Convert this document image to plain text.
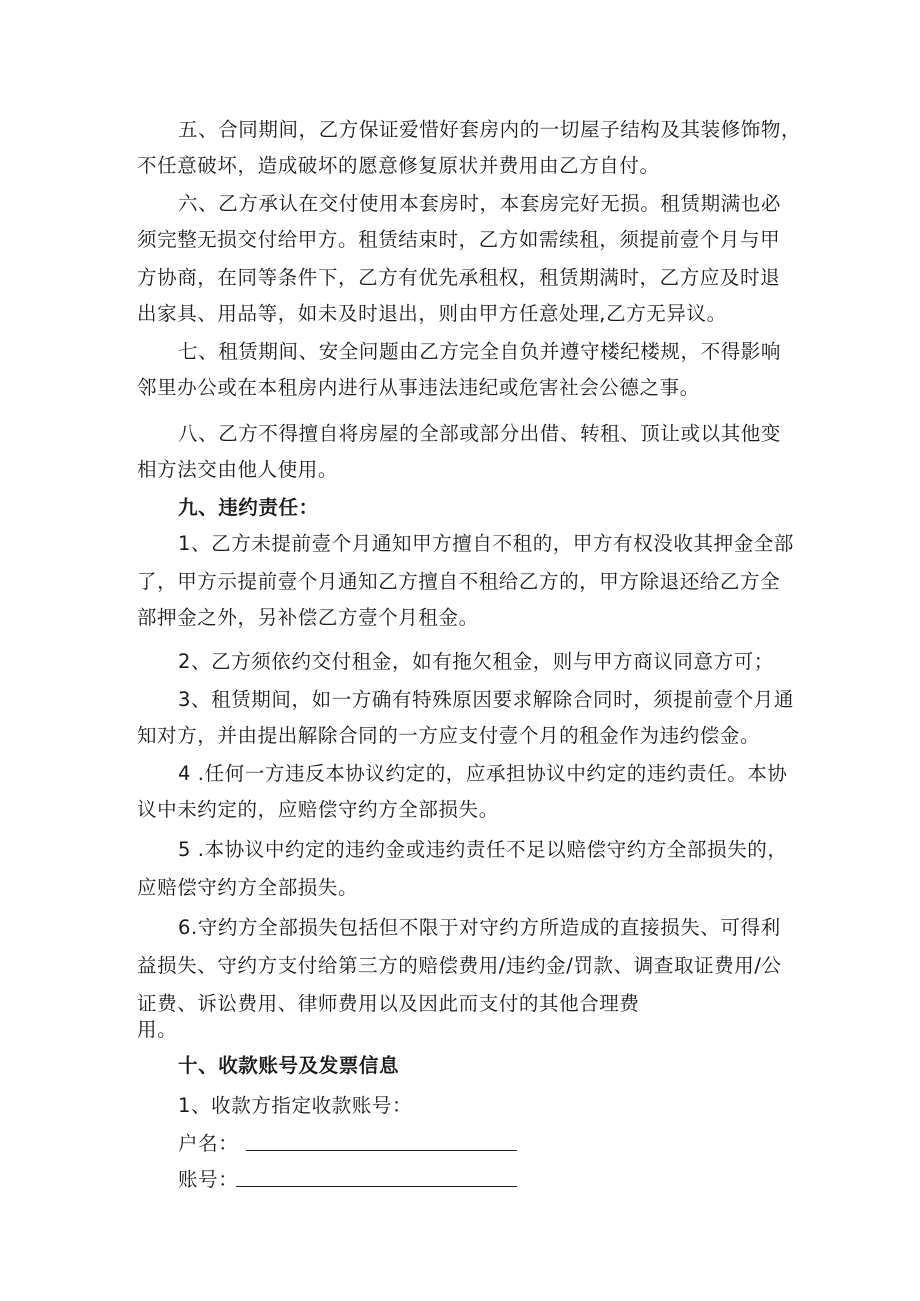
五、合同期间，乙方保证爱惜好套房内的一切屋子结构及其装修饰物，
不任意破坏，造成破坏的愿意修复原状并费用由乙方自付。
六、乙方承认在交付使用本套房时，本套房完好无损。租赁期满也必
须完整无损交付给甲方。租赁结束时，乙方如需续租，须提前壹个月与甲
方协商，在同等条件下，乙方有优先承租权，租赁期满时，乙方应及时退
出家具、用品等，如未及时退出，则由甲方任意处理,乙方无异议。
七、租赁期间、安全问题由乙方完全自负并遵守楼纪楼规，不得影响
邻里办公或在本租房内进行从事违法违纪或危害社会公德之事。
八、乙方不得擅自将房屋的全部或部分出借、转租、顶让或以其他变
相方法交由他人使用。
九、违约责任：
1、乙方未提前壹个月通知甲方擅自不租的，甲方有权没收其押金全部
了，甲方示提前壹个月通知乙方擅自不租给乙方的，甲方除退还给乙方全
部押金之外，另补偿乙方壹个月租金。
2、乙方须依约交付租金，如有拖欠租金，则与甲方商议同意方可；
3、租赁期间，如一方确有特殊原因要求解除合同时，须提前壹个月通
知对方，并由提出解除合同的一方应支付壹个月的租金作为违约偿金。
4 .任何一方违反本协议约定的，应承担协议中约定的违约责任。本协
议中未约定的，应赔偿守约方全部损失。
5 .本协议中约定的违约金或违约责任不足以赔偿守约方全部损失的，
应赔偿守约方全部损失。
6.守约方全部损失包括但不限于对守约方所造成的直接损失、可得利
益损失、守约方支付给第三方的赔偿费用/违约金/罚款、调查取证费用/公
证费、诉讼费用、律师费用以及因此而支付的其他合理费
用。
十、收款账号及发票信息
1、收款方指定收款账号：
户名：
账号：
